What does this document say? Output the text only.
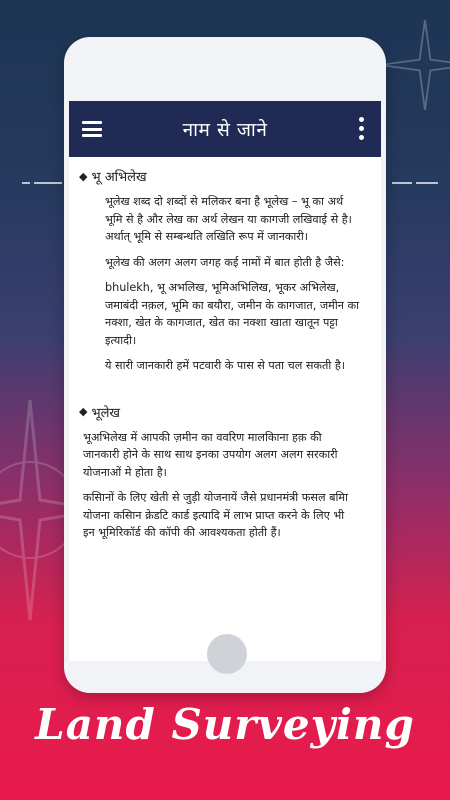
नाम से जाने
◆ भू अभिलेख
भूलेख शब्द दो शब्दों से मलिकर बना है भूलेख – भू का अर्थ भूमि से है और लेख का अर्थ लेखन या कागजी लखिवाई से है। अर्थात् भूमि से सम्बन्धति लखिति रूप में जानकारी।
भूलेख की अलग अलग जगह कई नामों में बात होती है जैसे:
bhulekh, भू अभलिख, भूमिअभिलिख, भूकर अभिलेख, जमाबंदी नक़ल, भूमि का बयौरा, जमीन के कागजात, जमीन का नक्शा, खेत के कागजात, खेत का नक्शा खाता खातून पट्टा इत्यादी।
ये सारी जानकारी हमें पटवारी के पास से पता चल सकती है।
◆ भूलेख
भूअभिलेख में आपकी ज़मीन का ववरिण मालकिाना हक़ की जानकारी होने के साथ साथ इनका उपयोग अलग अलग सरकारी योजनाओं मे होता है।
कसिानों के लिए खेती से जुड़ी योजनायें जैसे प्रधानमंत्री फसल बमिा योजना कसिान क्रेडटि कार्ड इत्यादि में लाभ प्राप्त करने के लिए भी इन भूमिरिकॉर्ड की कॉपी की आवश्यकता होती हैं।
Land Surveying
